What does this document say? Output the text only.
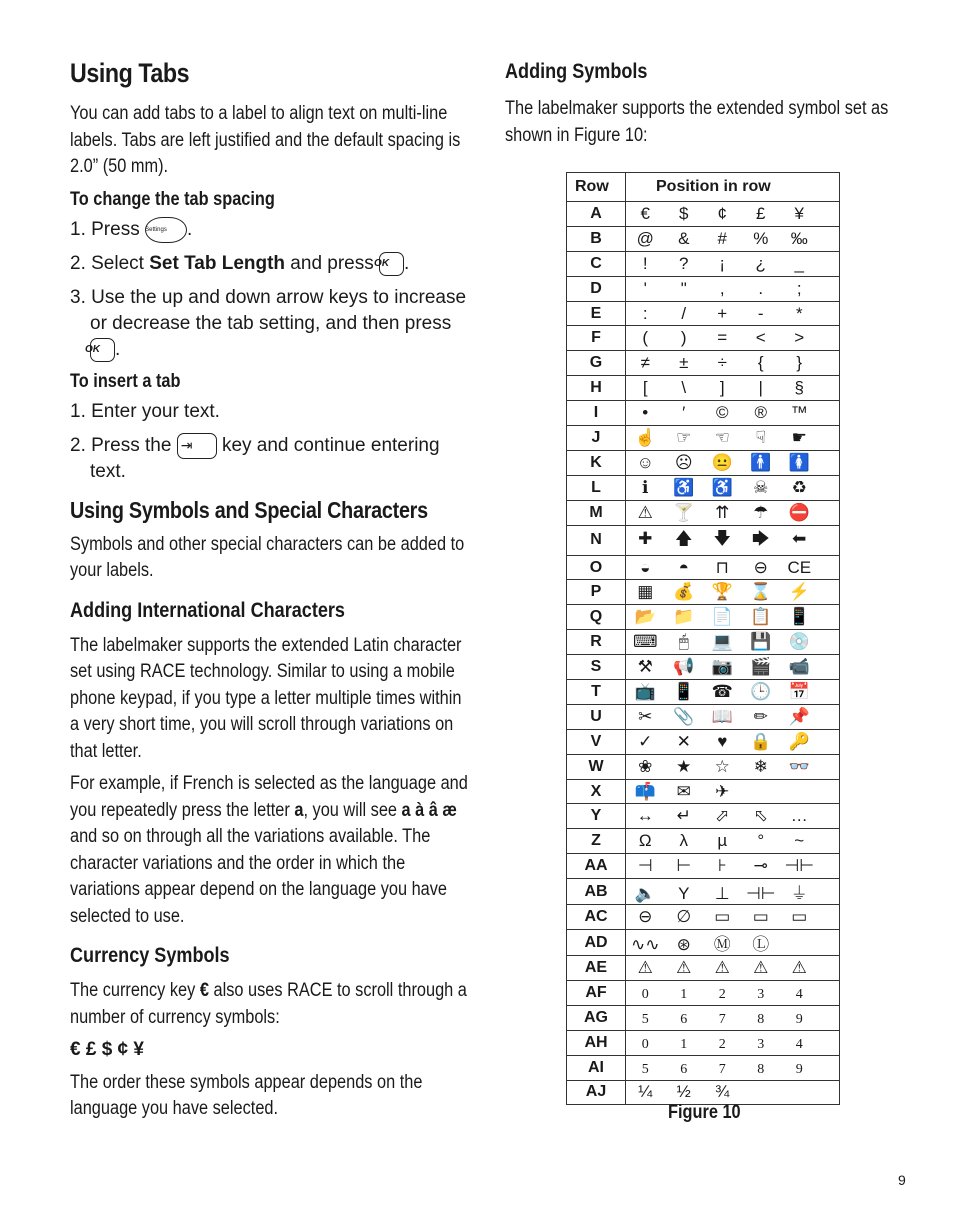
Using Tabs

You can add tabs to a label to align text on multi-line labels. Tabs are left justified and the default spacing is 2.0” (50 mm).

To change the tab spacing
1. Press Settings .
2. Select Set Tab Length and press OK .
3. Use the up and down arrow keys to increase or decrease the tab setting, and then press OK .
To insert a tab
1. Enter your text.
2. Press the ⇥ key and continue entering text.
Using Symbols and Special Characters

Symbols and other special characters can be added to your labels.

Adding International Characters

The labelmaker supports the extended Latin character set using RACE technology. Similar to using a mobile phone keypad, if you type a letter multiple times within a very short time, you will scroll through variations on that letter.

For example, if French is selected as the language and you repeatedly press the letter a, you will see a à â æ and so on through all the variations available. The character variations and the order in which the variations appear depend on the language you have selected to use.

Currency Symbols

The currency key € also uses RACE to scroll through a number of currency symbols:

€ £ $ ¢ ¥

The order these symbols appear depends on the language you have selected.

Adding Symbols

The labelmaker supports the extended symbol set as shown in Figure 10:

Row	Position in row
A	€ $ ¢ £ ¥
B	@ & # % ‰
C	! ? ¡ ¿ _
D	' " , . ;
E	: / + - *
F	( ) = < >
G	≠ ± ÷ { }
H	[ \ ] | §
I	• ′ © ® ™
J	☝ ☞ ☜ ☟ ☛
K	☺ ☹ 😐 🚹 🚺
L	ℹ ♿ ♿ ☠ ♻
M	⚠ 🍸 ⇈ ☂ ⛔
N	✚ 🡅 🡇 🡆 ⬅
O	◒ ◓ ⊓ ⊖ CE
P	▦ 💰 🏆 ⌛ ⚡
Q	📂 📁 📄 📋 📱
R	⌨ 🖱 💻 💾 💿
S	⚒ 📢 📷 🎬 📹
T	📺 📱 ☎ 🕒 📅
U	✂ 📎 📖 ✏ 📌
V	✓ ✕ ♥ 🔒 🔑
W	❀ ★ ☆ ❄ 👓
X	📫 ✉ ✈
Y	↔ ↵ ⬀ ⬁ …
Z	Ω λ µ ° ~
AA	⊣ ⊢ ⊦ ⊸ ⊣⊢
AB	🔈 Y ⊥ ⊣⊢ ⏚
AC	⊖ ∅ ▭ ▭ ▭
AD	∿∿ ⊛ Ⓜ Ⓛ
AE	⚠ ⚠ ⚠ ⚠ ⚠
AF	0 1 2 3 4
AG	5 6 7 8 9
AH	0 1 2 3 4
AI	5 6 7 8 9
AJ	¼ ½ ¾
Figure 10
9
